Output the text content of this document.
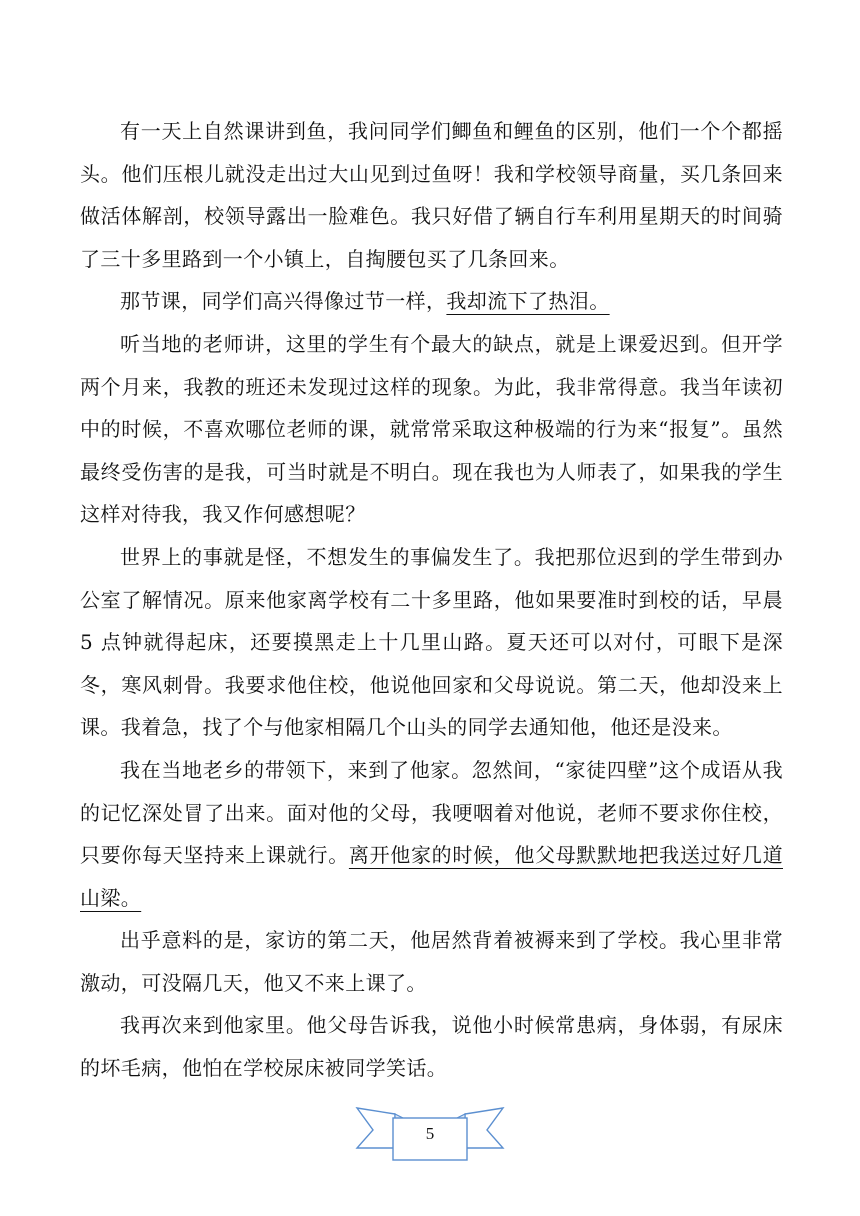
有一天上自然课讲到鱼，我问同学们鲫鱼和鲤鱼的区别，他们一个个都摇头。他们压根儿就没走出过大山见到过鱼呀！我和学校领导商量，买几条回来做活体解剖，校领导露出一脸难色。我只好借了辆自行车利用星期天的时间骑了三十多里路到一个小镇上，自掏腰包买了几条回来。

那节课，同学们高兴得像过节一样，我却流下了热泪。

听当地的老师讲，这里的学生有个最大的缺点，就是上课爱迟到。但开学两个月来，我教的班还未发现过这样的现象。为此，我非常得意。我当年读初中的时候，不喜欢哪位老师的课，就常常采取这种极端的行为来“报复”。虽然最终受伤害的是我，可当时就是不明白。现在我也为人师表了，如果我的学生这样对待我，我又作何感想呢？

世界上的事就是怪，不想发生的事偏发生了。我把那位迟到的学生带到办公室了解情况。原来他家离学校有二十多里路，他如果要准时到校的话，早晨 5 点钟就得起床，还要摸黑走上十几里山路。夏天还可以对付，可眼下是深冬，寒风刺骨。我要求他住校，他说他回家和父母说说。第二天，他却没来上课。我着急，找了个与他家相隔几个山头的同学去通知他，他还是没来。

我在当地老乡的带领下，来到了他家。忽然间，“家徒四壁”这个成语从我的记忆深处冒了出来。面对他的父母，我哽咽着对他说，老师不要求你住校，只要你每天坚持来上课就行。离开他家的时候，他父母默默地把我送过好几道山梁。

出乎意料的是，家访的第二天，他居然背着被褥来到了学校。我心里非常激动，可没隔几天，他又不来上课了。

我再次来到他家里。他父母告诉我，说他小时候常患病，身体弱，有尿床的坏毛病，他怕在学校尿床被同学笑话。

5
